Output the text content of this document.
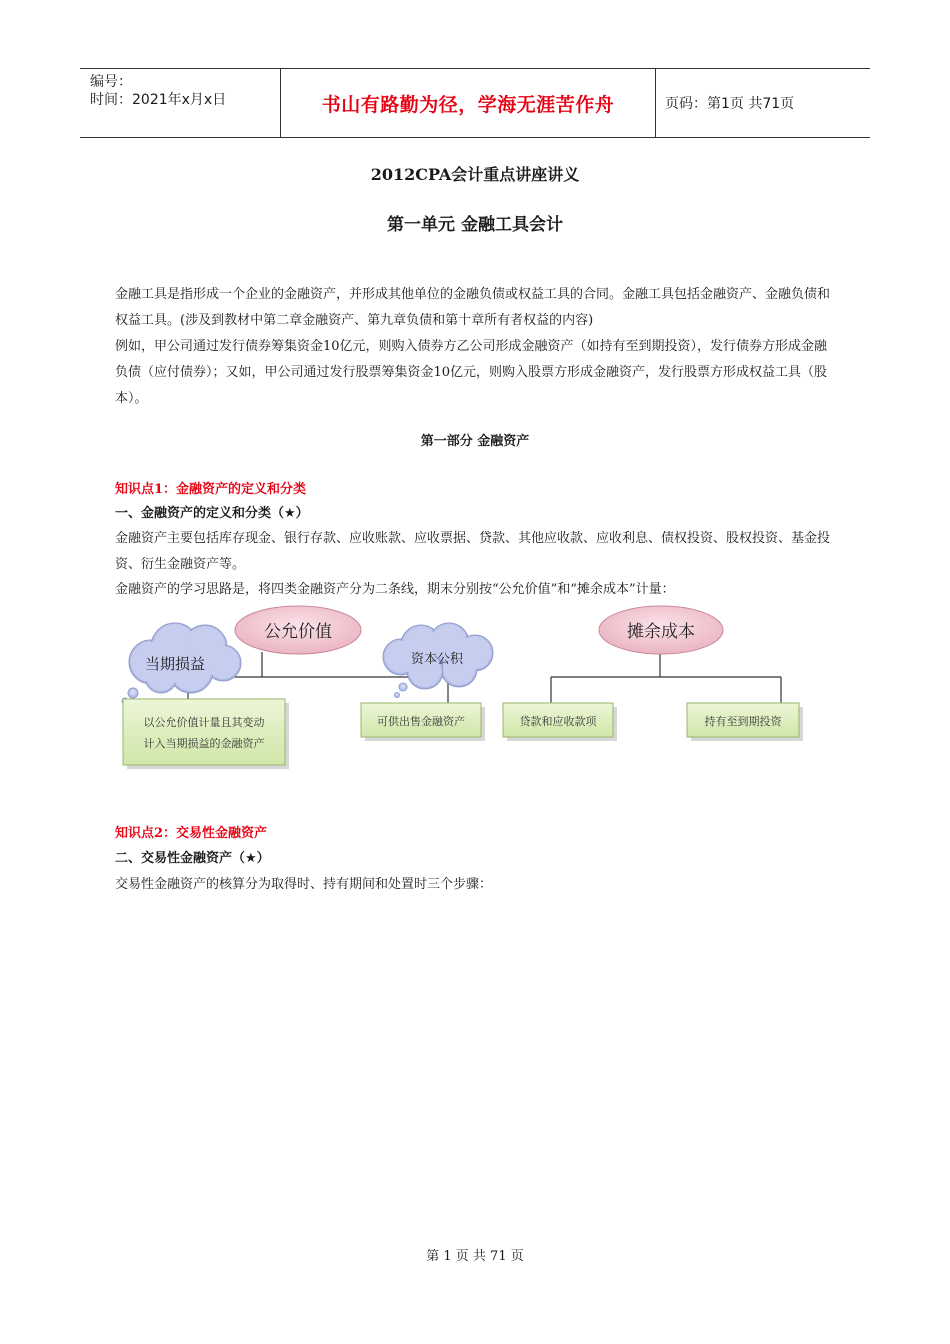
编号：
时间：2021年x月x日	书山有路勤为径，学海无涯苦作舟	页码：第1页 共71页
2012CPA会计重点讲座讲义
第一单元 金融工具会计
金融工具是指形成一个企业的金融资产，并形成其他单位的金融负债或权益工具的合同。金融工具包括金融资产、金融负债和权益工具。(涉及到教材中第二章金融资产、第九章负债和第十章所有者权益的内容)
例如，甲公司通过发行债券筹集资金10亿元，则购入债券方乙公司形成金融资产（如持有至到期投资），发行债券方形成金融负债（应付债券）；又如，甲公司通过发行股票筹集资金10亿元，则购入股票方形成金融资产，发行股票方形成权益工具（股本）。
第一部分 金融资产
知识点1：金融资产的定义和分类
一、金融资产的定义和分类（★）
金融资产主要包括库存现金、银行存款、应收账款、应收票据、贷款、其他应收款、应收利息、债权投资、股权投资、基金投资、衍生金融资产等。
金融资产的学习思路是，将四类金融资产分为二条线，期末分别按“公允价值”和“摊余成本”计量：
公允价值	摊余成本
当期损益	资本公积
以公允价值计量且其变动
计入当期损益的金融资产
可供出售金融资产	贷款和应收款项	持有至到期投资
知识点2：交易性金融资产
二、交易性金融资产（★）
交易性金融资产的核算分为取得时、持有期间和处置时三个步骤：
第 1 页 共 71 页
